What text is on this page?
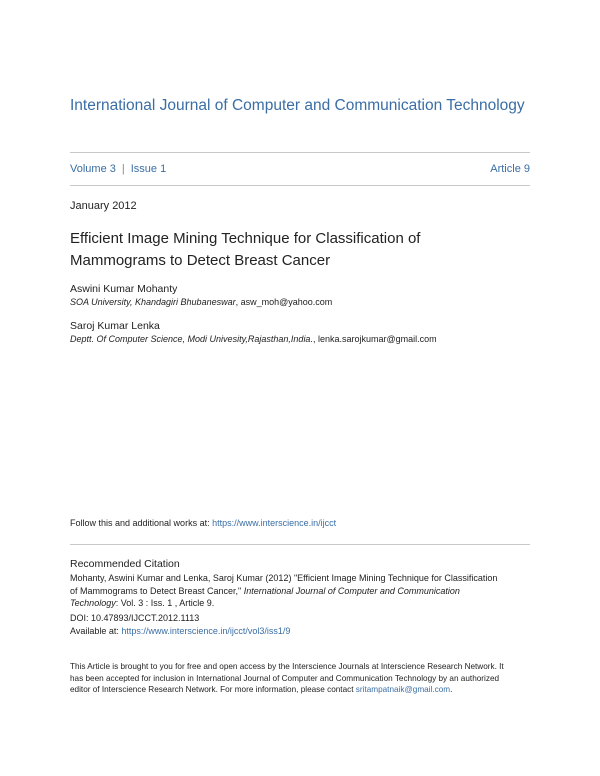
International Journal of Computer and Communication Technology
Volume 3 | Issue 1	Article 9
January 2012
Efficient Image Mining Technique for Classification of Mammograms to Detect Breast Cancer
Aswini Kumar Mohanty
SOA University, Khandagiri Bhubaneswar, asw_moh@yahoo.com
Saroj Kumar Lenka
Deptt. Of Computer Science, Modi Univesity,Rajasthan,India., lenka.sarojkumar@gmail.com
Follow this and additional works at: https://www.interscience.in/ijcct
Recommended Citation
Mohanty, Aswini Kumar and Lenka, Saroj Kumar (2012) "Efficient Image Mining Technique for Classification of Mammograms to Detect Breast Cancer," International Journal of Computer and Communication Technology: Vol. 3 : Iss. 1 , Article 9.
DOI: 10.47893/IJCCT.2012.1113
Available at: https://www.interscience.in/ijcct/vol3/iss1/9
This Article is brought to you for free and open access by the Interscience Journals at Interscience Research Network. It has been accepted for inclusion in International Journal of Computer and Communication Technology by an authorized editor of Interscience Research Network. For more information, please contact sritampatnaik@gmail.com.
